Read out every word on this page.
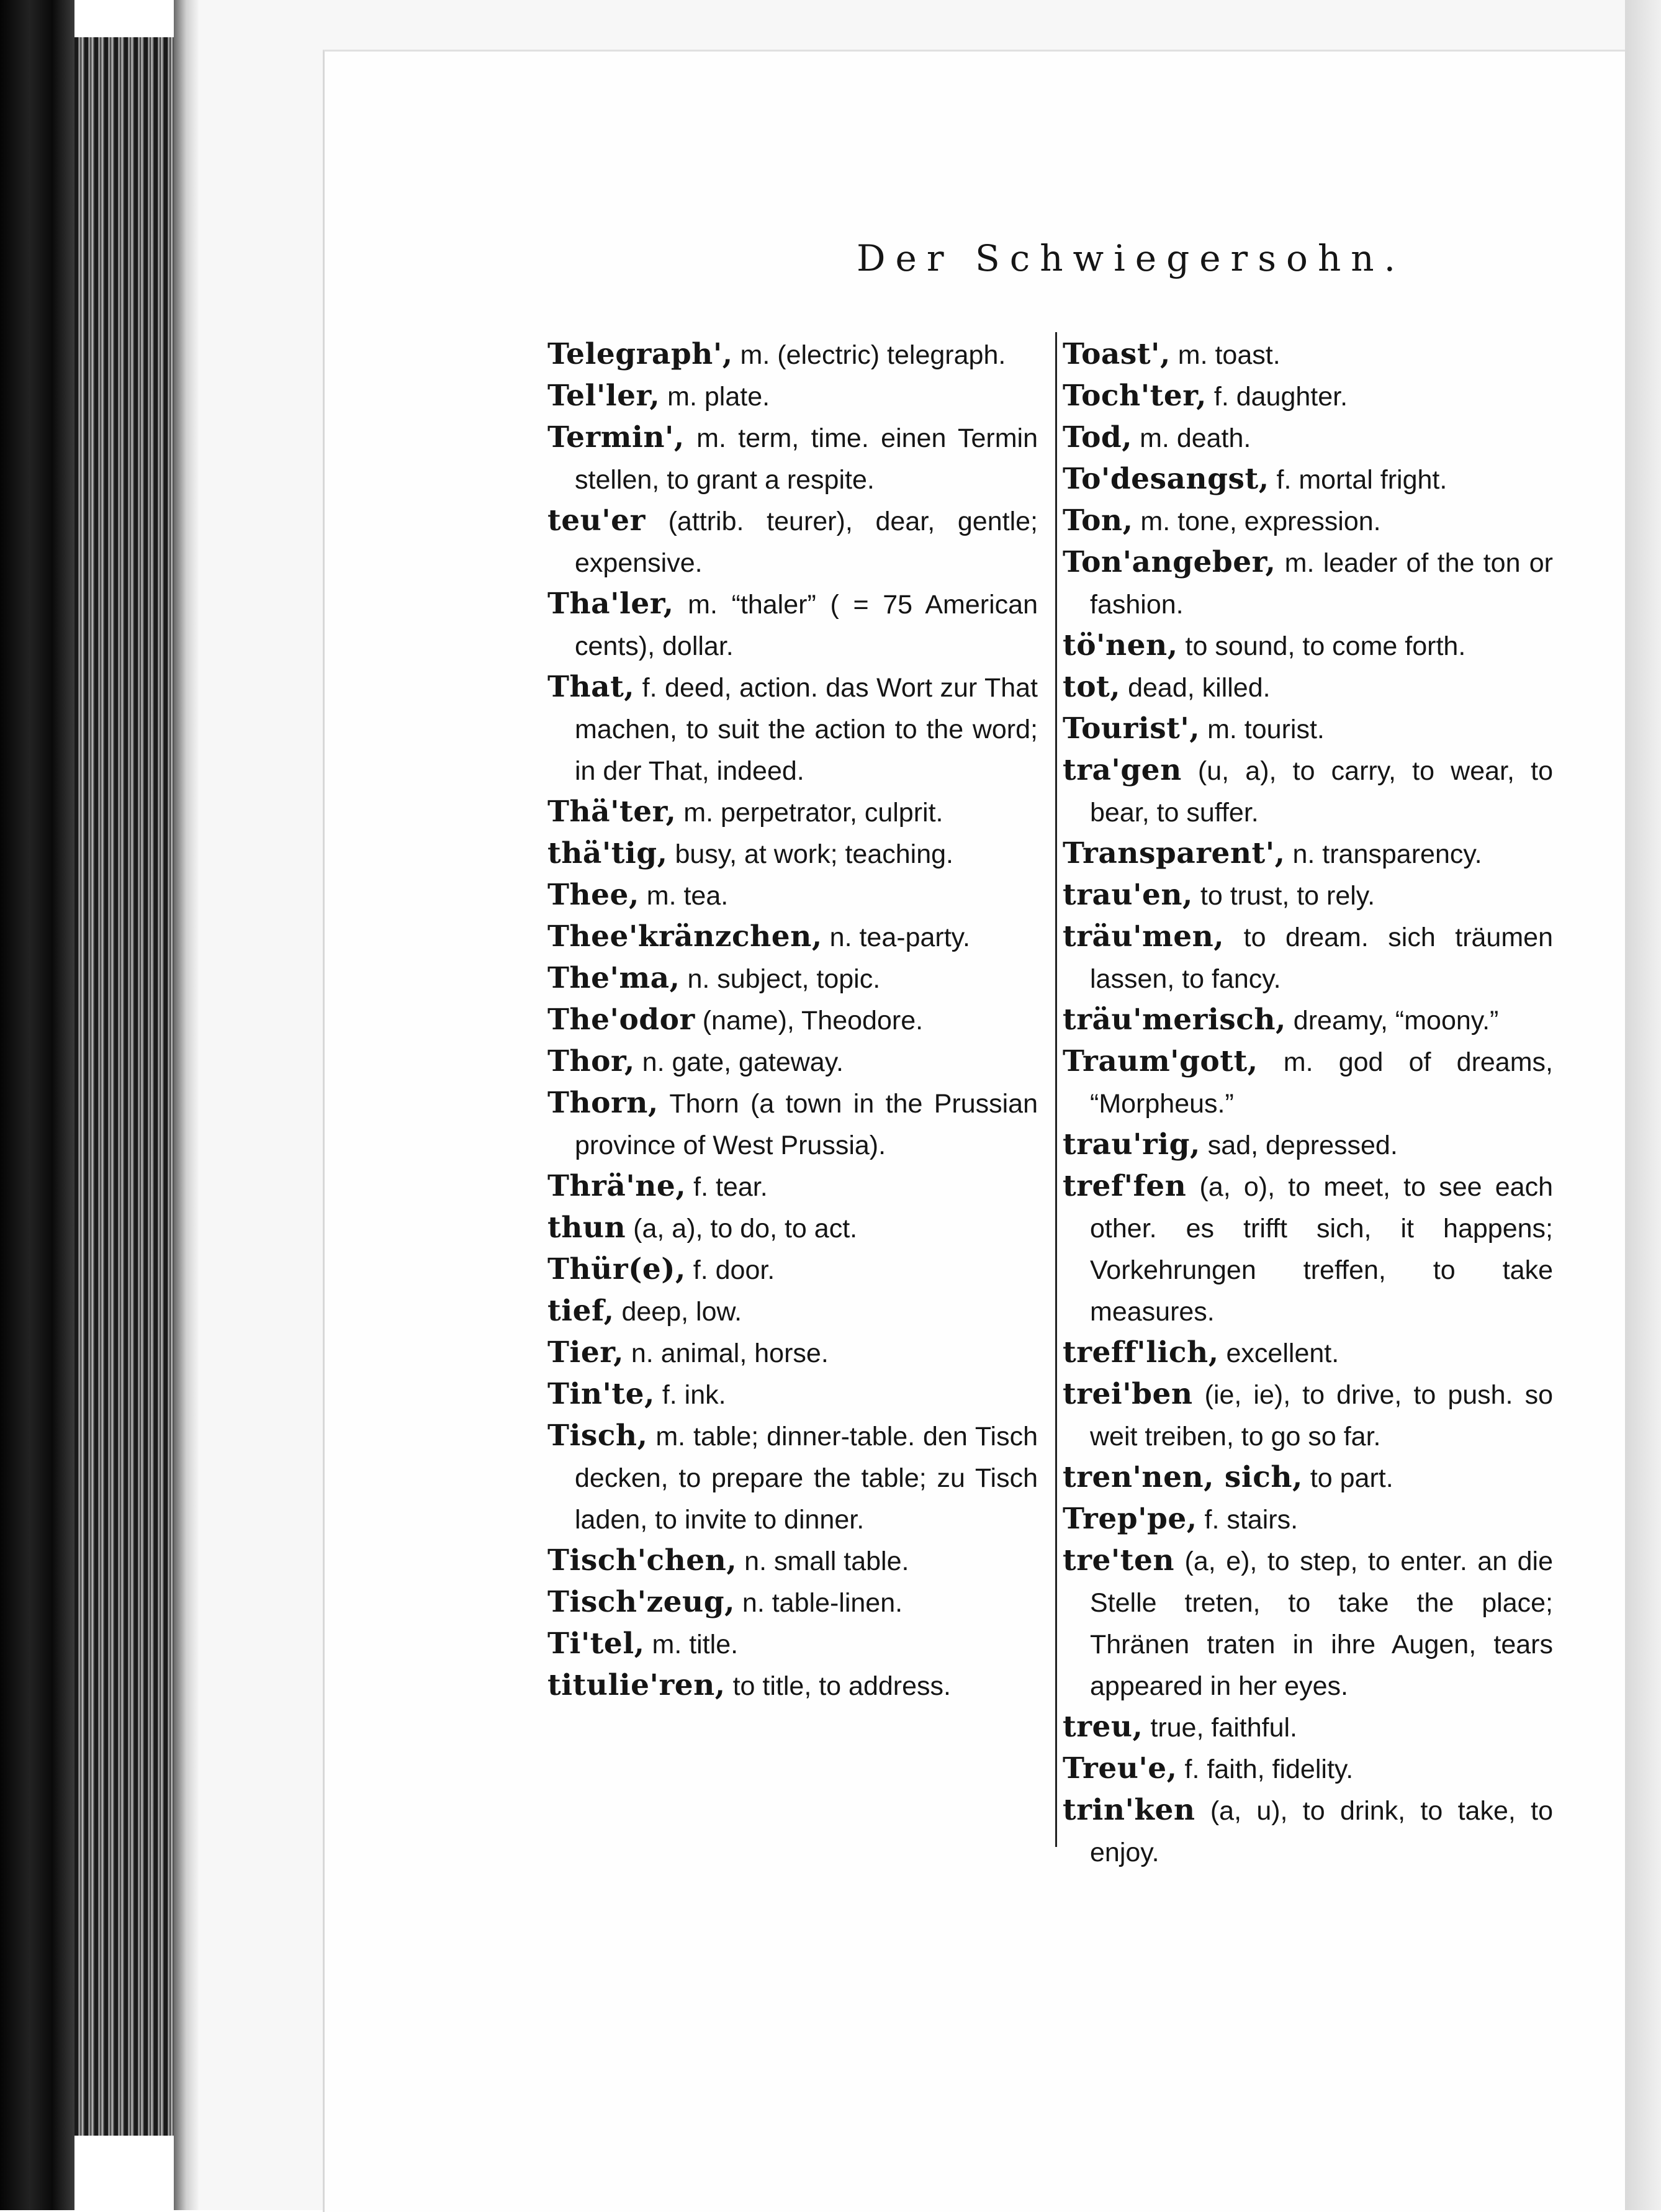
Der Schwiegersohn.

Telegraph', m. (electric) telegraph.

Tel'ler, m. plate.

Termin', m. term, time. einen Termin stellen, to grant a respite.

teu'er (attrib. teurer), dear, gentle; expensive.

Tha'ler, m. “thaler” ( = 75 American cents), dollar.

That, f. deed, action. das Wort zur That machen, to suit the action to the word; in der That, indeed.

Thä'ter, m. perpetrator, culprit.

thä'tig, busy, at work; teaching.

Thee, m. tea.

Thee'kränzchen, n. tea-party.

The'ma, n. subject, topic.

The'odor (name), Theodore.

Thor, n. gate, gateway.

Thorn, Thorn (a town in the Prussian province of West Prussia).

Thrä'ne, f. tear.

thun (a, a), to do, to act.

Thür(e), f. door.

tief, deep, low.

Tier, n. animal, horse.

Tin'te, f. ink.

Tisch, m. table; dinner-table. den Tisch decken, to prepare the table; zu Tisch laden, to invite to dinner.

Tisch'chen, n. small table.

Tisch'zeug, n. table-linen.

Ti'tel, m. title.

titulie'ren, to title, to address.

Toast', m. toast.

Toch'ter, f. daughter.

Tod, m. death.

To'desangst, f. mortal fright.

Ton, m. tone, expression.

Ton'angeber, m. leader of the ton or fashion.

tö'nen, to sound, to come forth.

tot, dead, killed.

Tourist', m. tourist.

tra'gen (u, a), to carry, to wear, to bear, to suffer.

Transparent', n. transparency.

trau'en, to trust, to rely.

träu'men, to dream. sich träumen lassen, to fancy.

träu'merisch, dreamy, “moony.”

Traum'gott, m. god of dreams, “Morpheus.”

trau'rig, sad, depressed.

tref'fen (a, o), to meet, to see each other. es trifft sich, it happens; Vorkehrungen treffen, to take measures.

treff'lich, excellent.

trei'ben (ie, ie), to drive, to push. so weit treiben, to go so far.

tren'nen, sich, to part.

Trep'pe, f. stairs.

tre'ten (a, e), to step, to enter. an die Stelle treten, to take the place; Thränen traten in ihre Augen, tears appeared in her eyes.

treu, true, faithful.

Treu'e, f. faith, fidelity.

trin'ken (a, u), to drink, to take, to enjoy.
